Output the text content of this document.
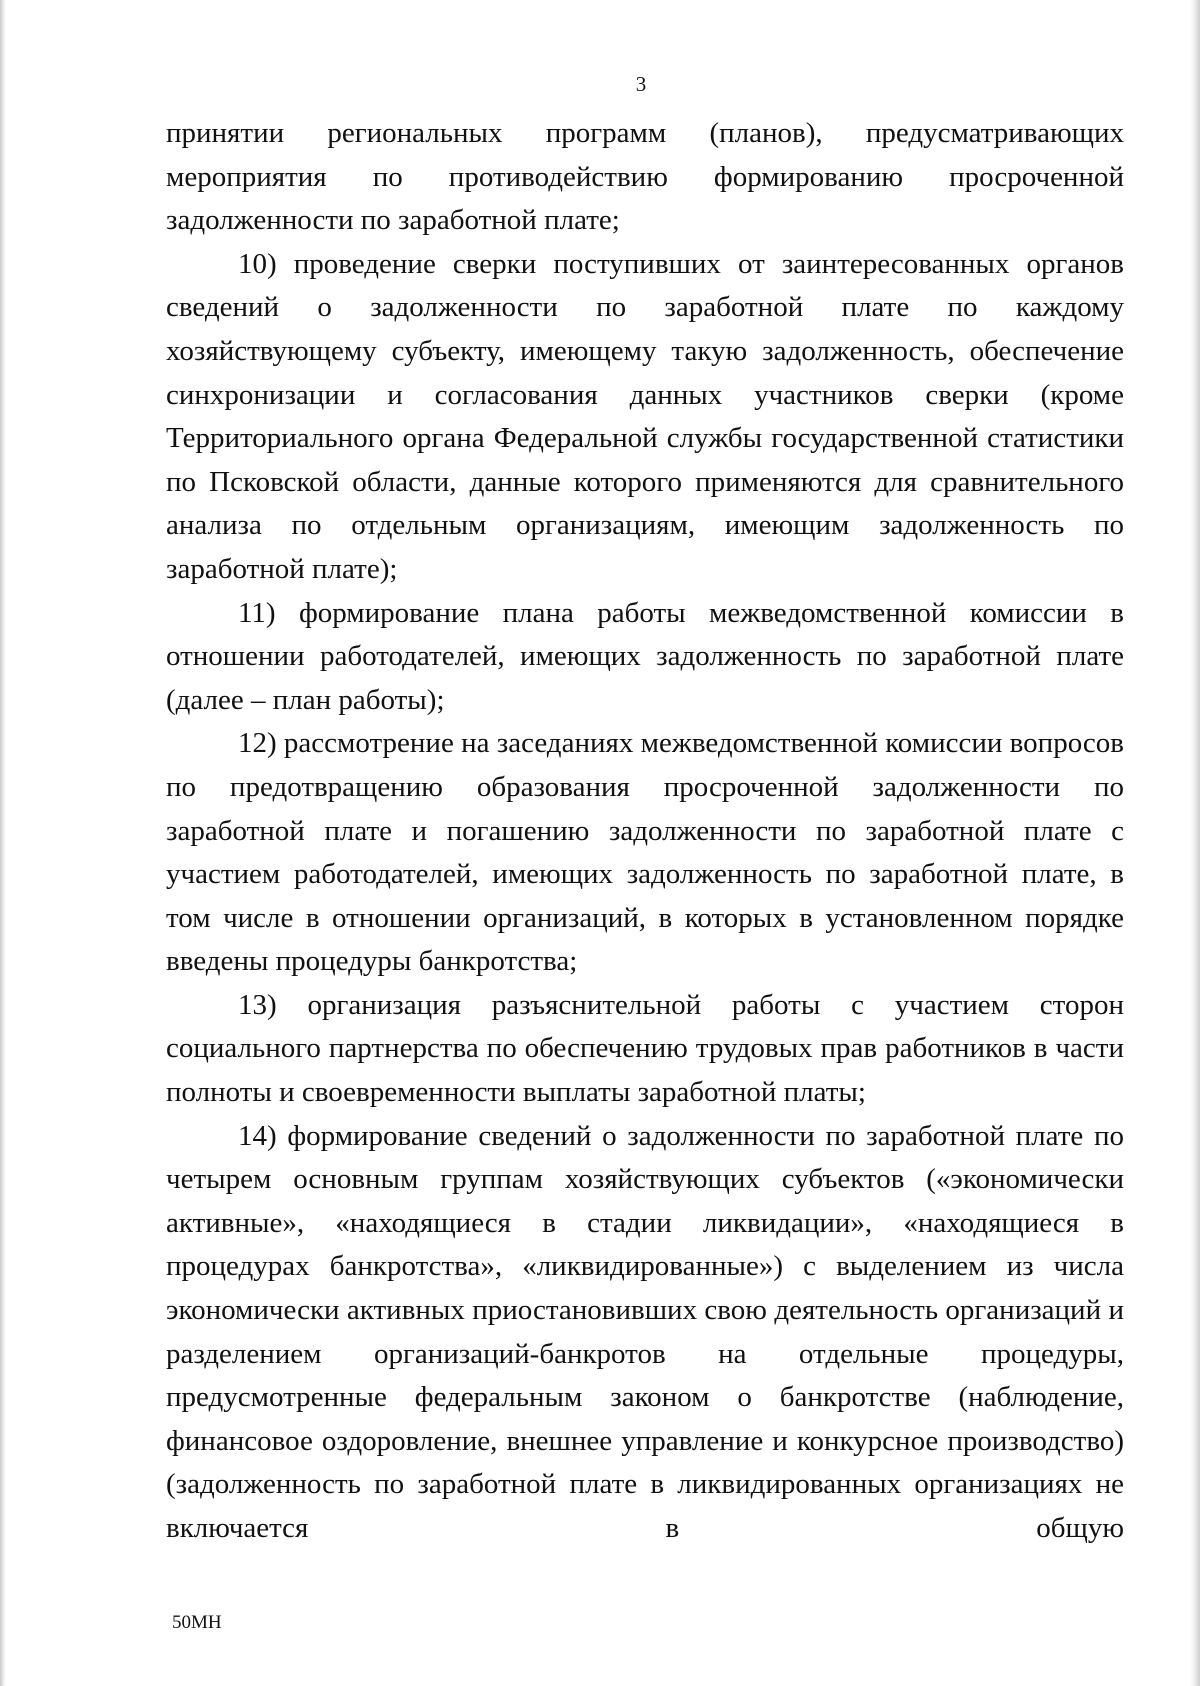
3

принятии региональных программ (планов), предусматривающих мероприятия по противодействию формированию просроченной задолженности по заработной плате;

10) проведение сверки поступивших от заинтересованных органов сведений о задолженности по заработной плате по каждому хозяйствующему субъекту, имеющему такую задолженность, обеспечение синхронизации и согласования данных участников сверки (кроме Территориального органа Федеральной службы государственной статистики по Псковской области, данные которого применяются для сравнительного анализа по отдельным организациям, имеющим задолженность по заработной плате);

11) формирование плана работы межведомственной комиссии в отношении работодателей, имеющих задолженность по заработной плате (далее – план работы);

12) рассмотрение на заседаниях межведомственной комиссии вопросов по предотвращению образования просроченной задолженности по заработной плате и погашению задолженности по заработной плате с участием работодателей, имеющих задолженность по заработной плате, в том числе в отношении организаций, в которых в установленном порядке введены процедуры банкротства;

13) организация разъяснительной работы с участием сторон социального партнерства по обеспечению трудовых прав работников в части полноты и своевременности выплаты заработной платы;

14) формирование сведений о задолженности по заработной плате по четырем основным группам хозяйствующих субъектов («экономически активные», «находящиеся в стадии ликвидации», «находящиеся в процедурах банкротства», «ликвидированные») с выделением из числа экономически активных приостановивших свою деятельность организаций и разделением организаций-банкротов на отдельные процедуры, предусмотренные федеральным законом о банкротстве (наблюдение, финансовое оздоровление, внешнее управление и конкурсное производство) (задолженность по заработной плате в ликвидированных организациях не включается в общую

50МН
